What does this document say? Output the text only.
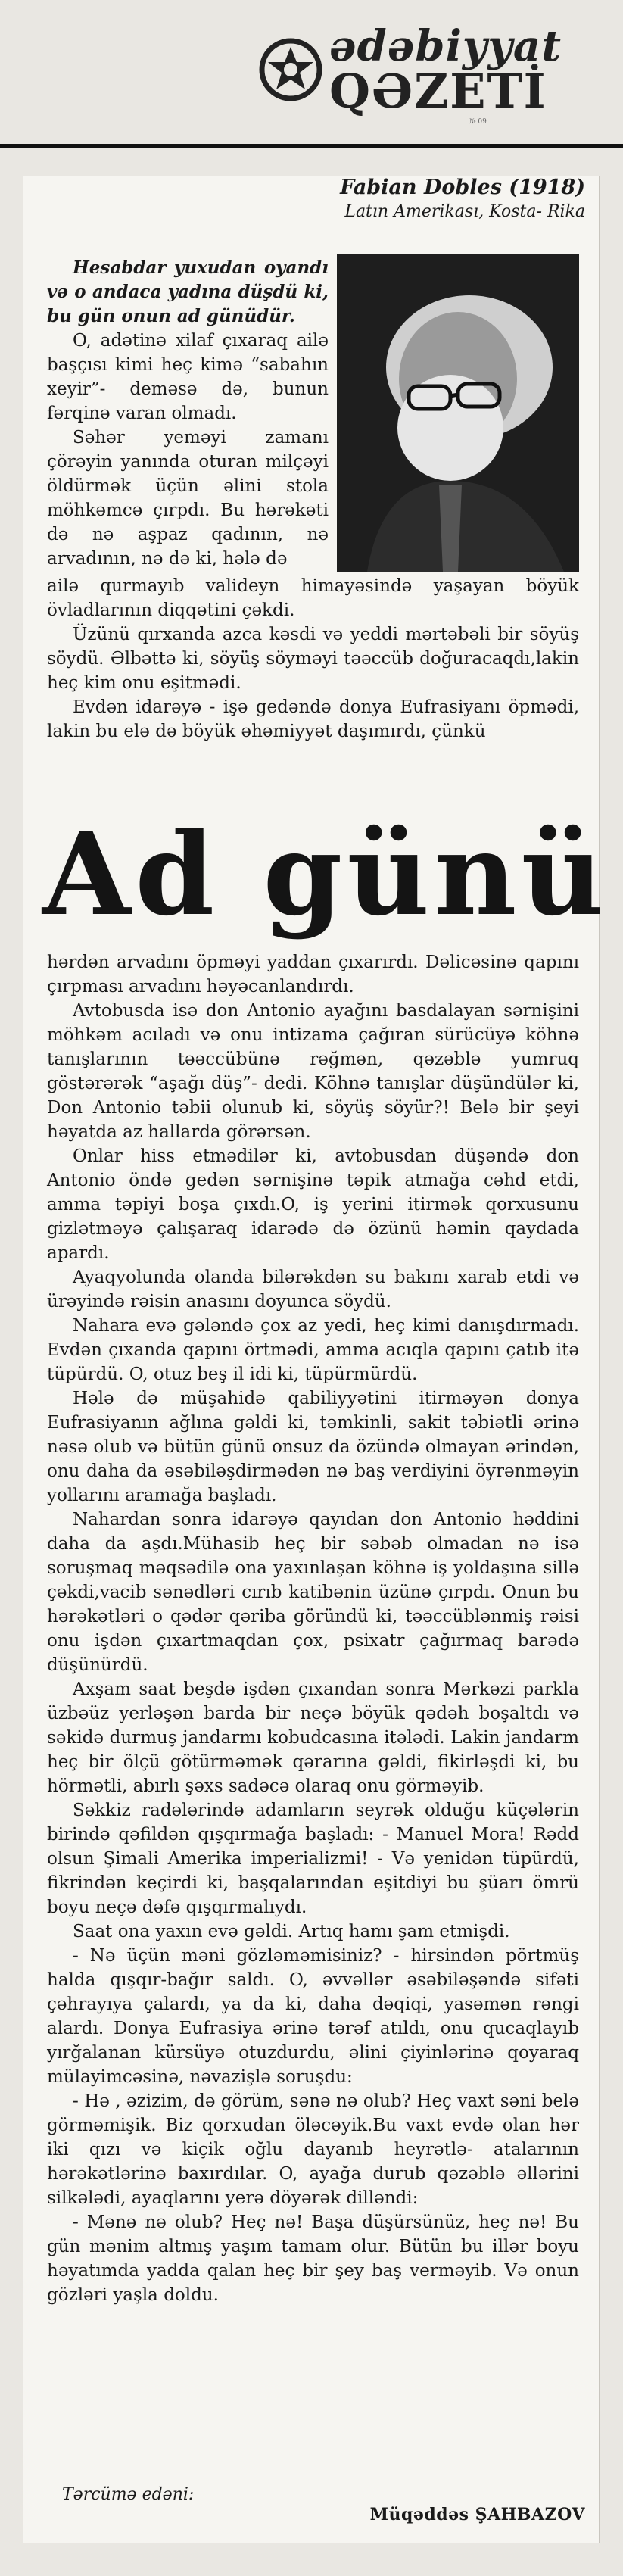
ədəbiyyat
QƏZETİ
№ 09
Fabian Dobles (1918)
Latın Amerikası, Kosta- Rika

Hesabdar yuxudan oyandı və o andaca yadına düşdü ki, bu gün onun ad günüdür.

O, adətinə xilaf çıxaraq ailə başçısı kimi heç kimə “sabahın xeyir”- deməsə də, bunun fərqinə varan olmadı.

Səhər yeməyi zamanı çörəyin yanında oturan milçəyi öldürmək üçün əlini stola möhkəmcə çırpdı. Bu hərəkəti də nə aşpaz qadının, nə arvadının, nə də ki, hələ də

ailə qurmayıb valideyn himayəsində yaşayan böyük övladlarının diqqətini çəkdi.

Üzünü qırxanda azca kəsdi və yeddi mərtəbəli bir söyüş söydü. Əlbəttə ki, söyüş söyməyi təəccüb doğuracaqdı,lakin heç kim onu eşitmədi.

Evdən idarəyə - işə gedəndə donya Eufrasiyanı öpmədi, lakin bu elə də böyük əhəmiyyət daşımırdı, çünkü

Ad günü

hərdən arvadını öpməyi yaddan çıxarırdı. Dəlicəsinə qapını çırpması arvadını həyəcanlandırdı.

Avtobusda isə don Antonio ayağını basdalayan sərnişini möhkəm acıladı və onu intizama çağıran sürücüyə köhnə tanışlarının təəccübünə rəğmən, qəzəblə yumruq göstərərək “aşağı düş”- dedi. Köhnə tanışlar düşündülər ki, Don Antonio təbii olunub ki, söyüş söyür?! Belə bir şeyi həyatda az hallarda görərsən.

Onlar hiss etmədilər ki, avtobusdan düşəndə don Antonio öndə gedən sərnişinə təpik atmağa cəhd etdi, amma təpiyi boşa çıxdı.O, iş yerini itirmək qorxusunu gizlətməyə çalışaraq idarədə də özünü həmin qaydada apardı.

Ayaqyolunda olanda bilərəkdən su bakını xarab etdi və ürəyində rəisin anasını doyunca söydü.

Nahara evə gələndə çox az yedi, heç kimi danışdırmadı. Evdən çıxanda qapını örtmədi, amma acıqla qapını çatıb itə tüpürdü. O, otuz beş il idi ki, tüpürmürdü.

Hələ də müşahidə qabiliyyətini itirməyən donya Eufrasiyanın ağlına gəldi ki, təmkinli, sakit təbiətli ərinə nəsə olub və bütün günü onsuz da özündə olmayan ərindən, onu daha da əsəbiləşdirmədən nə baş verdiyini öyrənməyin yollarını aramağa başladı.

Nahardan sonra idarəyə qayıdan don Antonio həddini daha da aşdı.Mühasib heç bir səbəb olmadan nə isə soruşmaq məqsədilə ona yaxınlaşan köhnə iş yoldaşına sillə çəkdi,vacib sənədləri cırıb katibənin üzünə çırpdı. Onun bu hərəkətləri o qədər qəriba göründü ki, təəccüblənmiş rəisi onu işdən çıxartmaqdan çox, psixatr çağırmaq barədə düşünürdü.

Axşam saat beşdə işdən çıxandan sonra Mərkəzi parkla üzbəüz yerləşən barda bir neçə böyük qədəh boşaltdı və səkidə durmuş jandarmı kobudcasına itələdi. Lakin jandarm heç bir ölçü götürməmək qərarına gəldi, fikirləşdi ki, bu hörmətli, abırlı şəxs sadəcə olaraq onu görməyib.

Səkkiz radələrində adamların seyrək olduğu küçələrin birində qəfildən qışqırmağa başladı: - Manuel Mora! Rədd olsun Şimali Amerika imperializmi! - Və yenidən tüpürdü, fikrindən keçirdi ki, başqalarından eşitdiyi bu şüarı ömrü boyu neçə dəfə qışqırmalıydı.

Saat ona yaxın evə gəldi. Artıq hamı şam etmişdi.

- Nə üçün məni gözləməmisiniz? - hirsindən pörtmüş halda qışqır-bağır saldı. O, əvvəllər əsəbiləşəndə sifəti çəhrayıya çalardı, ya da ki, daha dəqiqi, yasəmən rəngi alardı. Donya Eufrasiya ərinə tərəf atıldı, onu qucaqlayıb yırğalanan kürsüyə otuzdurdu, əlini çiyinlərinə qoyaraq mülayimcəsinə, nəvazişlə soruşdu:

- Hə , əzizim, də görüm, sənə nə olub? Heç vaxt səni belə görməmişik. Biz qorxudan öləcəyik.Bu vaxt evdə olan hər iki qızı və kiçik oğlu dayanıb heyrətlə- atalarının hərəkətlərinə baxırdılar. O, ayağa durub qəzəblə əllərini silkələdi, ayaqlarını yerə döyərək dilləndi:

- Mənə nə olub? Heç nə! Başa düşürsünüz, heç nə! Bu gün mənim altmış yaşım tamam olur. Bütün bu illər boyu həyatımda yadda qalan heç bir şey baş verməyib. Və onun gözləri yaşla doldu.

Tərcümə edəni:
Müqəddəs ŞAHBAZOV
